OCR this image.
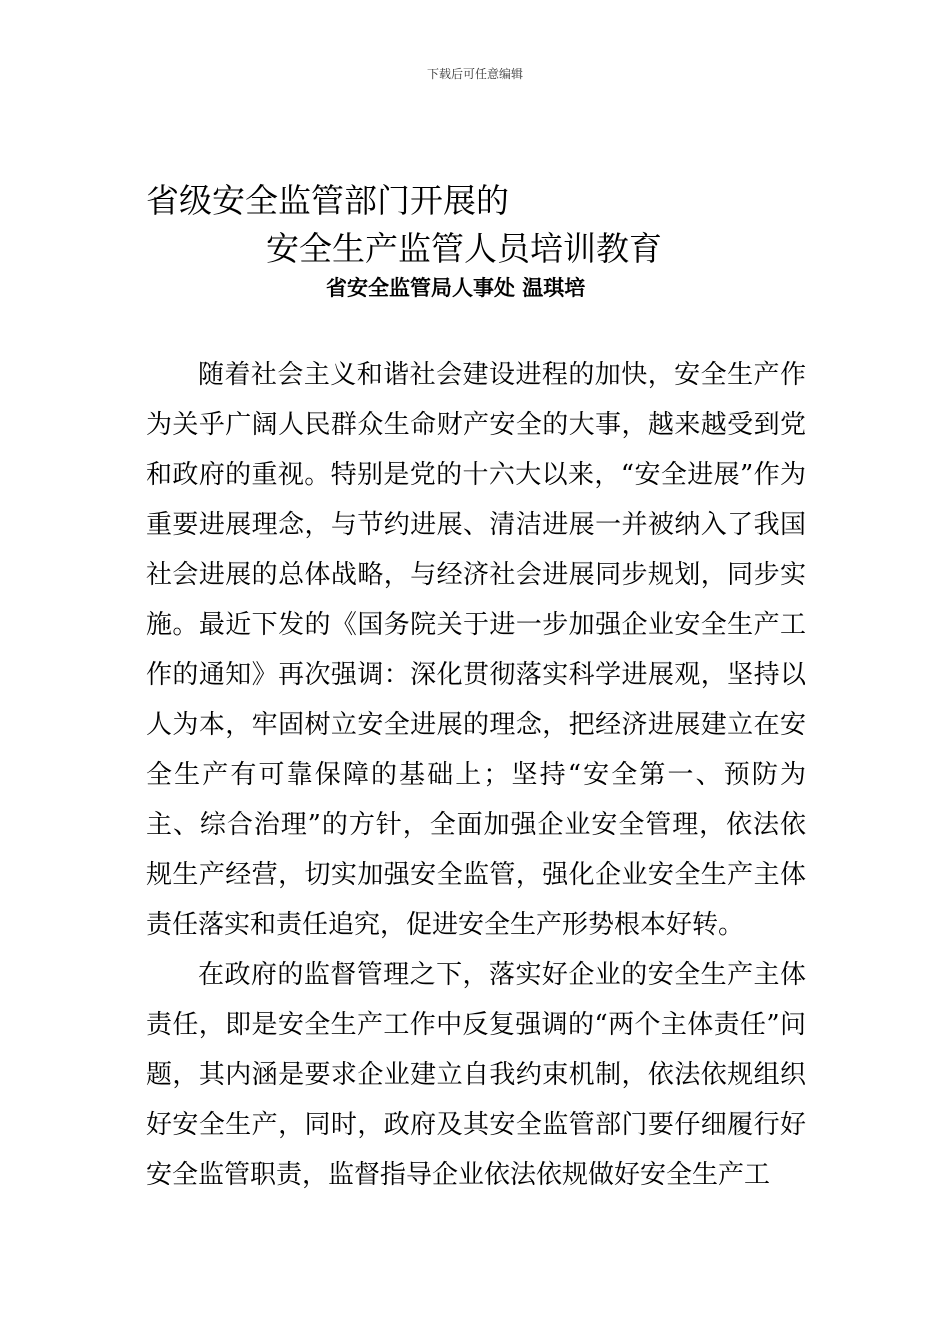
下载后可任意编辑
省级安全监管部门开展的
安全生产监管人员培训教育
省安全监管局人事处 温琪培

随着社会主义和谐社会建设进程的加快，安全生产作为关乎广阔人民群众生命财产安全的大事，越来越受到党和政府的重视。特别是党的十六大以来，“安全进展”作为重要进展理念，与节约进展、清洁进展一并被纳入了我国社会进展的总体战略，与经济社会进展同步规划，同步实施。最近下发的《国务院关于进一步加强企业安全生产工作的通知》再次强调：深化贯彻落实科学进展观，坚持以人为本，牢固树立安全进展的理念，把经济进展建立在安全生产有可靠保障的基础上；坚持“安全第一、预防为主、综合治理”的方针，全面加强企业安全管理，依法依规生产经营，切实加强安全监管，强化企业安全生产主体责任落实和责任追究，促进安全生产形势根本好转。

在政府的监督管理之下，落实好企业的安全生产主体责任，即是安全生产工作中反复强调的“两个主体责任”问题，其内涵是要求企业建立自我约束机制，依法依规组织好安全生产，同时，政府及其安全监管部门要仔细履行好安全监管职责，监督指导企业依法依规做好安全生产工
